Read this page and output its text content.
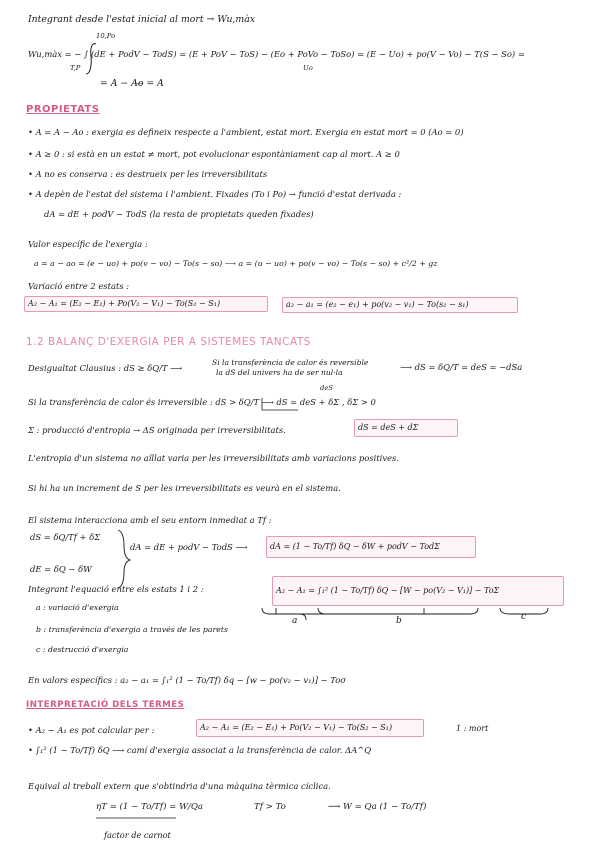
Integrant desde l'estat inicial al mort → Wu,màx
10,Po
Wu,màx = − ∫ (dE + PodV − TodS) = (E + PoV − ToS) − (Eo + PoVo − ToSo) = (E − Uo) + po(V − Vo) − T(S − So) =
T,P	Uo
= A − A̶o̶ = A
PROPIETATS
• A = A − Ao : exergia es defineix respecte a l'ambient, estat mort. Exergia en estat mort = 0 (Ao = 0)
• A ≥ 0 : si està en un estat ≠ mort, pot evolucionar espontàniament cap al mort. A ≥ 0
• A no es conserva : es destrueix per les irreversibilitats
• A depèn de l'estat del sistema i l'ambient. Fixades (To i Po) → funció d'estat derivada :
dA = dE + podV − TodS (la resta de propietats queden fixades)
Valor específic de l'exergia :
a = a − ao = (e − uo) + po(v − vo) − To(s − so) ⟶ a = (u − uo) + po(v − vo) − To(s − so) + c²/2 + gz
Variació entre 2 estats :
A₂ − A₁ = (E₂ − E₁) + Po(V₂ − V₁) − To(S₂ − S₁)	a₂ − a₁ = (e₂ − e₁) + po(v₂ − v₁) − To(s₂ − s₁)
1.2 BALANÇ D'EXERGIA PER A SISTEMES TANCATS
Desigualtat Clausius : dS ≥ δQ/T ⟶
Si la transferència de calor és reversible
la dS del univers ha de ser nul·la
⟶ dS = δQ/T = deS = −dSa
deS
Si la transferència de calor és irreversible : dS > δQ/T ⟶ dS = deS + δΣ , δΣ > 0
Σ : producció d'entropia → ΔS originada per irreversibilitats.	dS = deS + dΣ
L'entropia d'un sistema no aïllat varia per les irreversibilitats amb variacions positives.
Si hi ha un increment de S per les irreversibilitats es veurà en el sistema.
El sistema interacciona amb el seu entorn inmediat a Tf :
dS = δQ/Tf + δΣ
dE = δQ − δW
dA = dE + podV − TodS ⟶	dA = (1 − To/Tf) δQ − δW + podV − TodΣ
Integrant l'equació entre els estats 1 i 2 :	A₂ − A₁ = ∫₁² (1 − To/Tf) δQ − [W − po(V₂ − V₁)] − ToΣ
a	b	c
a : variació d'exergia
b : transferència d'exergia a través de les parets
c : destrucció d'exergia
En valors específics : a₂ − a₁ = ∫₁² (1 − To/Tf) δq − [w − po(v₂ − v₁)] − Toσ
INTERPRETACIÓ DELS TERMES
• A₂ − A₁ es pot calcular per :	A₂ − A₁ = (E₂ − E₁) + Po(V₂ − V₁) − To(S₂ − S₁)	1 : mort
• ∫₁² (1 − To/Tf) δQ ⟶ camí d'exergia associat a la transferència de calor. ΔA^Q
Equival al treball extern que s'obtindria d'una màquina tèrmica cíclica.
ηT = (1 − To/Tf) = W/Qa	Tf > To	⟶ W = Qa (1 − To/Tf)
factor de carnot
